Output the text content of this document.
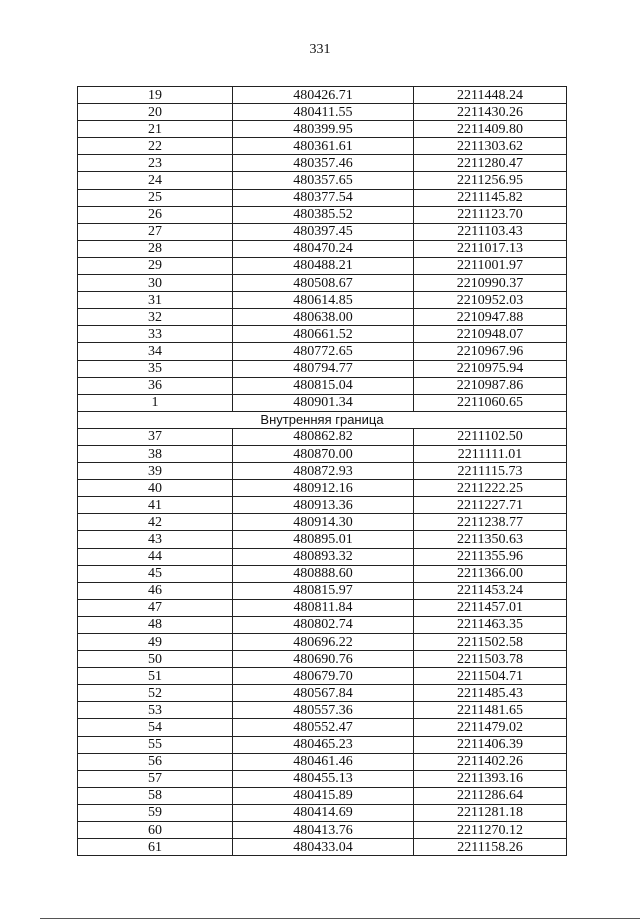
331
19	480426.71	2211448.24
20	480411.55	2211430.26
21	480399.95	2211409.80
22	480361.61	2211303.62
23	480357.46	2211280.47
24	480357.65	2211256.95
25	480377.54	2211145.82
26	480385.52	2211123.70
27	480397.45	2211103.43
28	480470.24	2211017.13
29	480488.21	2211001.97
30	480508.67	2210990.37
31	480614.85	2210952.03
32	480638.00	2210947.88
33	480661.52	2210948.07
34	480772.65	2210967.96
35	480794.77	2210975.94
36	480815.04	2210987.86
1	480901.34	2211060.65
Внутренняя граница		
37	480862.82	2211102.50
38	480870.00	2211111.01
39	480872.93	2211115.73
40	480912.16	2211222.25
41	480913.36	2211227.71
42	480914.30	2211238.77
43	480895.01	2211350.63
44	480893.32	2211355.96
45	480888.60	2211366.00
46	480815.97	2211453.24
47	480811.84	2211457.01
48	480802.74	2211463.35
49	480696.22	2211502.58
50	480690.76	2211503.78
51	480679.70	2211504.71
52	480567.84	2211485.43
53	480557.36	2211481.65
54	480552.47	2211479.02
55	480465.23	2211406.39
56	480461.46	2211402.26
57	480455.13	2211393.16
58	480415.89	2211286.64
59	480414.69	2211281.18
60	480413.76	2211270.12
61	480433.04	2211158.26
